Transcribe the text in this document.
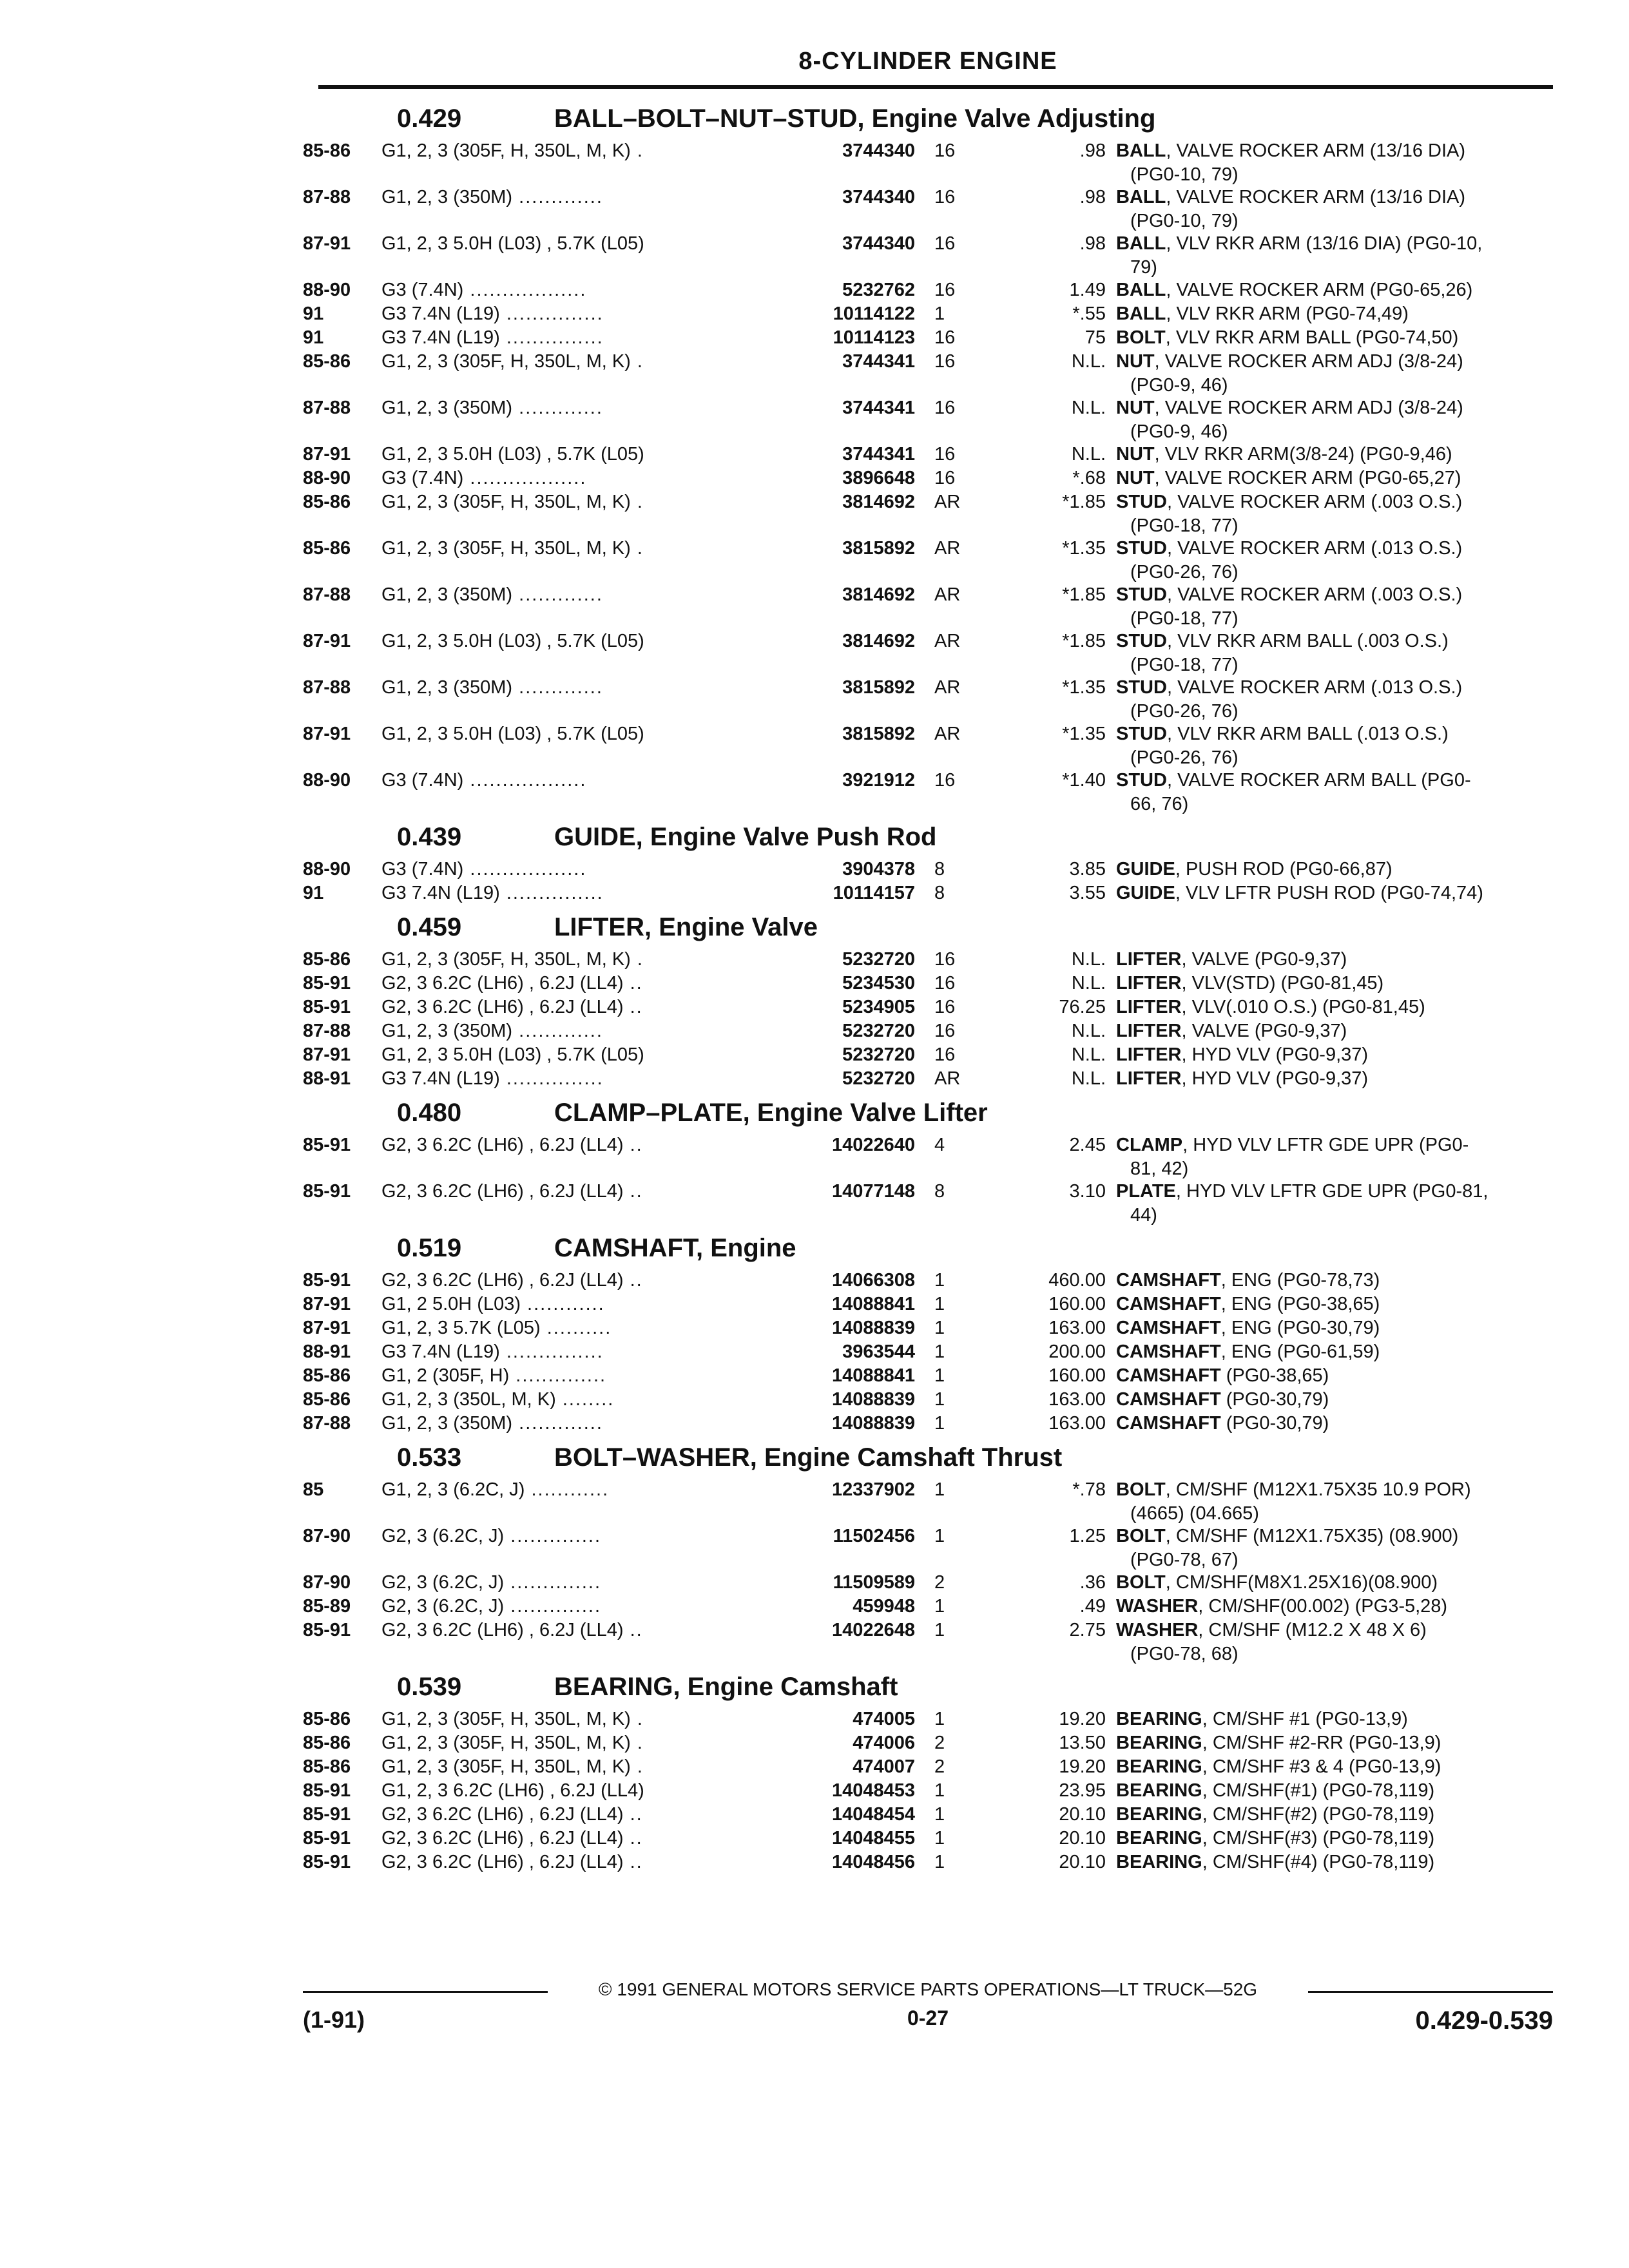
8-CYLINDER ENGINE
0.429	BALL–BOLT–NUT–STUD, Engine Valve Adjusting
85-86	G1, 2, 3 (305F, H, 350L, M, K) .	3744340 16	.98 BALL, VALVE ROCKER ARM (13/16 DIA)
(PG0-10, 79)
87-88	G1, 2, 3 (350M) .............	3744340 16	.98 BALL, VALVE ROCKER ARM (13/16 DIA)
(PG0-10, 79)
87-91	G1, 2, 3 5.0H (L03) , 5.7K (L05)	3744340 16	.98 BALL, VLV RKR ARM (13/16 DIA) (PG0-10,
79)
88-90	G3 (7.4N) ..................	5232762 16	1.49 BALL, VALVE ROCKER ARM (PG0-65,26)
91	G3 7.4N (L19) ...............	10114122 1	*.55 BALL, VLV RKR ARM (PG0-74,49)
91	G3 7.4N (L19) ...............	10114123 16	75 BOLT, VLV RKR ARM BALL (PG0-74,50)
85-86	G1, 2, 3 (305F, H, 350L, M, K) .	3744341 16	N.L. NUT, VALVE ROCKER ARM ADJ (3/8-24)
(PG0-9, 46)
87-88	G1, 2, 3 (350M) .............	3744341 16	N.L. NUT, VALVE ROCKER ARM ADJ (3/8-24)
(PG0-9, 46)
87-91	G1, 2, 3 5.0H (L03) , 5.7K (L05)	3744341 16	N.L. NUT, VLV RKR ARM(3/8-24) (PG0-9,46)
88-90	G3 (7.4N) ..................	3896648 16	*.68 NUT, VALVE ROCKER ARM (PG0-65,27)
85-86	G1, 2, 3 (305F, H, 350L, M, K) .	3814692 AR	*1.85 STUD, VALVE ROCKER ARM (.003 O.S.)
(PG0-18, 77)
85-86	G1, 2, 3 (305F, H, 350L, M, K) .	3815892 AR	*1.35 STUD, VALVE ROCKER ARM (.013 O.S.)
(PG0-26, 76)
87-88	G1, 2, 3 (350M) .............	3814692 AR	*1.85 STUD, VALVE ROCKER ARM (.003 O.S.)
(PG0-18, 77)
87-91	G1, 2, 3 5.0H (L03) , 5.7K (L05)	3814692 AR	*1.85 STUD, VLV RKR ARM BALL (.003 O.S.)
(PG0-18, 77)
87-88	G1, 2, 3 (350M) .............	3815892 AR	*1.35 STUD, VALVE ROCKER ARM (.013 O.S.)
(PG0-26, 76)
87-91	G1, 2, 3 5.0H (L03) , 5.7K (L05)	3815892 AR	*1.35 STUD, VLV RKR ARM BALL (.013 O.S.)
(PG0-26, 76)
88-90	G3 (7.4N) ..................	3921912 16	*1.40 STUD, VALVE ROCKER ARM BALL (PG0-
66, 76)
0.439	GUIDE, Engine Valve Push Rod
88-90	G3 (7.4N) ..................	3904378 8	3.85 GUIDE, PUSH ROD (PG0-66,87)
91	G3 7.4N (L19) ...............	10114157 8	3.55 GUIDE, VLV LFTR PUSH ROD (PG0-74,74)
0.459	LIFTER, Engine Valve
85-86	G1, 2, 3 (305F, H, 350L, M, K) .	5232720 16	N.L. LIFTER, VALVE (PG0-9,37)
85-91	G2, 3 6.2C (LH6) , 6.2J (LL4) ..	5234530 16	N.L. LIFTER, VLV(STD) (PG0-81,45)
85-91	G2, 3 6.2C (LH6) , 6.2J (LL4) ..	5234905 16	76.25 LIFTER, VLV(.010 O.S.) (PG0-81,45)
87-88	G1, 2, 3 (350M) .............	5232720 16	N.L. LIFTER, VALVE (PG0-9,37)
87-91	G1, 2, 3 5.0H (L03) , 5.7K (L05)	5232720 16	N.L. LIFTER, HYD VLV (PG0-9,37)
88-91	G3 7.4N (L19) ...............	5232720 AR	N.L. LIFTER, HYD VLV (PG0-9,37)
0.480	CLAMP–PLATE, Engine Valve Lifter
85-91	G2, 3 6.2C (LH6) , 6.2J (LL4) ..	14022640 4	2.45 CLAMP, HYD VLV LFTR GDE UPR (PG0-
81, 42)
85-91	G2, 3 6.2C (LH6) , 6.2J (LL4) ..	14077148 8	3.10 PLATE, HYD VLV LFTR GDE UPR (PG0-81,
44)
0.519	CAMSHAFT, Engine
85-91	G2, 3 6.2C (LH6) , 6.2J (LL4) ..	14066308 1	460.00 CAMSHAFT, ENG (PG0-78,73)
87-91	G1, 2 5.0H (L03) ............	14088841 1	160.00 CAMSHAFT, ENG (PG0-38,65)
87-91	G1, 2, 3 5.7K (L05) ..........	14088839 1	163.00 CAMSHAFT, ENG (PG0-30,79)
88-91	G3 7.4N (L19) ...............	3963544 1	200.00 CAMSHAFT, ENG (PG0-61,59)
85-86	G1, 2 (305F, H) ..............	14088841 1	160.00 CAMSHAFT (PG0-38,65)
85-86	G1, 2, 3 (350L, M, K) ........	14088839 1	163.00 CAMSHAFT (PG0-30,79)
87-88	G1, 2, 3 (350M) .............	14088839 1	163.00 CAMSHAFT (PG0-30,79)
0.533	BOLT–WASHER, Engine Camshaft Thrust
85	G1, 2, 3 (6.2C, J) ............	12337902 1	*.78 BOLT, CM/SHF (M12X1.75X35 10.9 POR)
(4665) (04.665)
87-90	G2, 3 (6.2C, J) ..............	11502456 1	1.25 BOLT, CM/SHF (M12X1.75X35) (08.900)
(PG0-78, 67)
87-90	G2, 3 (6.2C, J) ..............	11509589 2	.36 BOLT, CM/SHF(M8X1.25X16)(08.900)
85-89	G2, 3 (6.2C, J) ..............	459948 1	.49 WASHER, CM/SHF(00.002) (PG3-5,28)
85-91	G2, 3 6.2C (LH6) , 6.2J (LL4) ..	14022648 1	2.75 WASHER, CM/SHF (M12.2 X 48 X 6)
(PG0-78, 68)
0.539	BEARING, Engine Camshaft
85-86	G1, 2, 3 (305F, H, 350L, M, K) .	474005 1	19.20 BEARING, CM/SHF #1 (PG0-13,9)
85-86	G1, 2, 3 (305F, H, 350L, M, K) .	474006 2	13.50 BEARING, CM/SHF #2-RR (PG0-13,9)
85-86	G1, 2, 3 (305F, H, 350L, M, K) .	474007 2	19.20 BEARING, CM/SHF #3 & 4 (PG0-13,9)
85-91	G1, 2, 3 6.2C (LH6) , 6.2J (LL4)	14048453 1	23.95 BEARING, CM/SHF(#1) (PG0-78,119)
85-91	G2, 3 6.2C (LH6) , 6.2J (LL4) ..	14048454 1	20.10 BEARING, CM/SHF(#2) (PG0-78,119)
85-91	G2, 3 6.2C (LH6) , 6.2J (LL4) ..	14048455 1	20.10 BEARING, CM/SHF(#3) (PG0-78,119)
85-91	G2, 3 6.2C (LH6) , 6.2J (LL4) ..	14048456 1	20.10 BEARING, CM/SHF(#4) (PG0-78,119)
© 1991 GENERAL MOTORS SERVICE PARTS OPERATIONS—LT TRUCK—52G
(1-91)	0-27	0.429-0.539
